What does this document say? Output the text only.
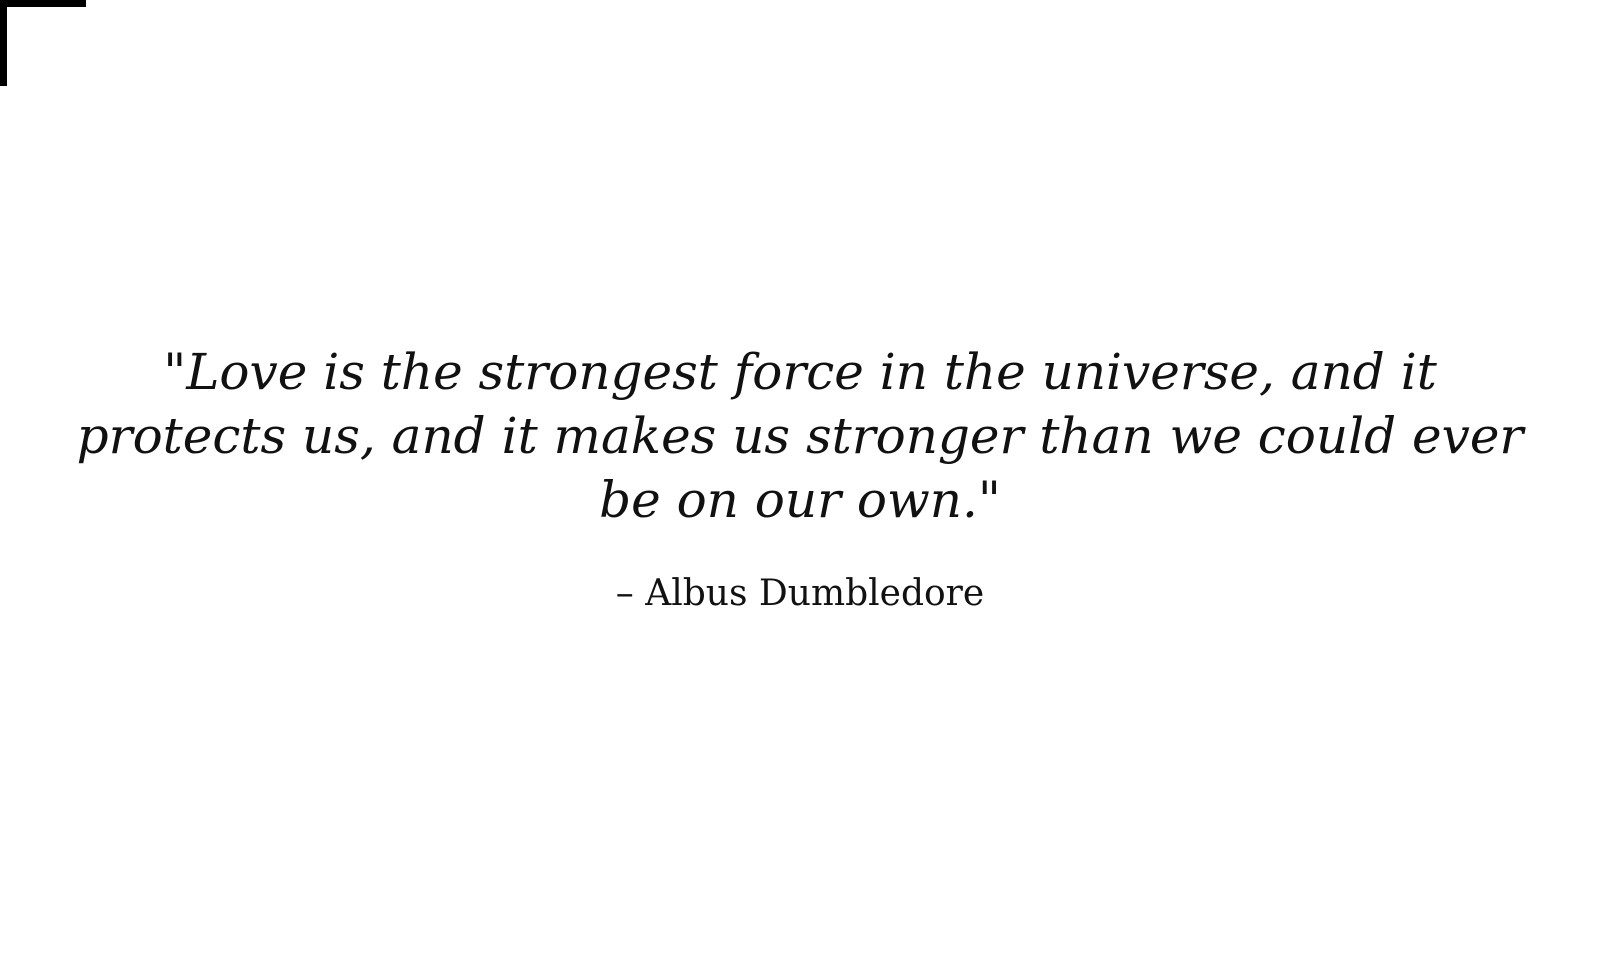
"Love is the strongest force in the universe, and it protects us, and it makes us stronger than we could ever be on our own."

– Albus Dumbledore
